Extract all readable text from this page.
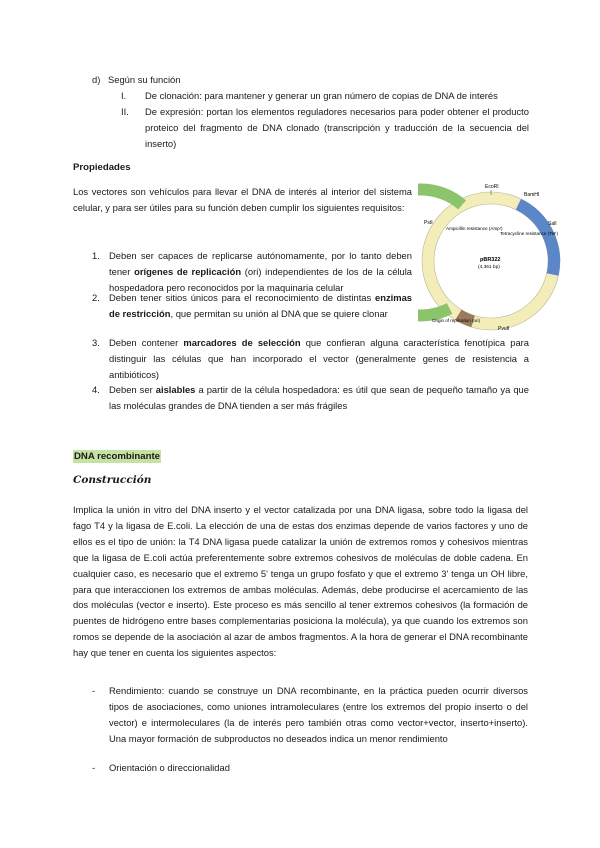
d) Según su función
I. De clonación: para mantener y generar un gran número de copias de DNA de interés
II. De expresión: portan los elementos reguladores necesarios para poder obtener el producto proteico del fragmento de DNA clonado (transcripción y traducción de la secuencia del inserto)
Propiedades
Los vectores son vehículos para llevar el DNA de interés al interior del sistema celular, y para ser útiles para su función deben cumplir los siguientes requisitos:
1. Deben ser capaces de replicarse autónomamente, por lo tanto deben tener orígenes de replicación (ori) independientes de los de la célula hospedadora pero reconocidos por la maquinaria celular
2. Deben tener sitios únicos para el reconocimiento de distintas enzimas de restricción, que permitan su unión al DNA que se quiere clonar
3. Deben contener marcadores de selección que confieran alguna característica fenotípica para distinguir las células que han incorporado el vector (generalmente genes de resistencia a antibióticos)
4. Deben ser aislables a partir de la célula hospedadora: es útil que sean de pequeño tamaño ya que las moléculas grandes de DNA tienden a ser más frágiles
EcoRI
BamHI
SalI
PstI
PvuII
Origin of replication (ori)
Ampicillin resistance (Ampʳ)
Tetracycline resistance (Tetʳ)
pBR322
(4,361 bp)
DNA recombinante
Construcción
Implica la unión in vitro del DNA inserto y el vector catalizada por una DNA ligasa, sobre todo la ligasa del fago T4 y la ligasa de E.coli. La elección de una de estas dos enzimas depende de varios factores y uno de ellos es el tipo de unión: la T4 DNA ligasa puede catalizar la unión de extremos romos y cohesivos mientras que la ligasa de E.coli actúa preferentemente sobre extremos cohesivos de moléculas de doble cadena. En cualquier caso, es necesario que el extremo 5' tenga un grupo fosfato y que el extremo 3' tenga un OH libre, para que interaccionen los extremos de ambas moléculas. Además, debe producirse el acercamiento de las dos moléculas (vector e inserto). Este proceso es más sencillo al tener extremos cohesivos (la formación de puentes de hidrógeno entre bases complementarias posiciona la molécula), ya que cuando los extremos son romos se depende de la asociación al azar de ambos fragmentos. A la hora de generar el DNA recombinante hay que tener en cuenta los siguientes aspectos:
- Rendimiento: cuando se construye un DNA recombinante, en la práctica pueden ocurrir diversos tipos de asociaciones, como uniones intramoleculares (entre los extremos del propio inserto o del vector) e intermoleculares (la de interés pero también otras como vector+vector, inserto+inserto). Una mayor formación de subproductos no deseados indica un menor rendimiento
- Orientación o direccionalidad
